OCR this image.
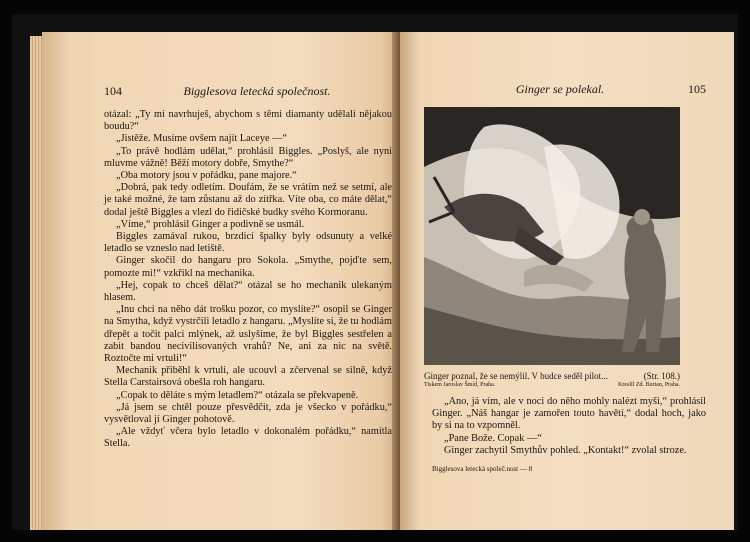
104	Bigglesova letecká společnost.

otázal: „Ty mi navrhuješ, abychom s těmi diamanty udělali nějakou boudu?“

„Jistěže. Musíme ovšem najít Laceye —“

„To právě hodlám udělat,“ prohlásil Biggles. „Poslyš, ale nyní mluvme vážně! Běží motory dobře, Smythe?“

„Oba motory jsou v pořádku, pane majore.“

„Dobrá, pak tedy odletím. Doufám, že se vrátím než se setmí, ale je také možné, že tam zůstanu až do zítřka. Víte oba, co máte dělat,“ dodal ještě Biggles a vlezl do řidičské budky svého Kormoranu.

„Víme,“ prohlásil Ginger a podivně se usmál.

Biggles zamával rukou, brzdicí špalky byly odsunuty a velké letadlo se vzneslo nad letiště.

Ginger skočil do hangaru pro Sokola. „Smythe, pojďte sem, pomozte mi!“ vzkřikl na mechanika.

„Hej, copak to chceš dělat?“ otázal se ho mechanik ulekaným hlasem.

„Inu chci na něho dát trošku pozor, co myslíte?“ osopil se Ginger na Smytha, když vystrčili letadlo z hangaru. „Myslíte si, že tu hodlám dřepět a točit palci mlýnek, až uslyšíme, že byl Biggles sestřelen a zabit bandou necivilisovaných vrahů? Ne, ani za nic na světě. Roztočte mi vrtuli!“

Mechanik přiběhl k vrtuli, ale ucouvl a zčervenal se silně, když Stella Carstairsová obešla roh hangaru.

„Copak to děláte s mým letadlem?“ otázala se překvapeně.

„Já jsem se chtěl pouze přesvědčit, zda je všecko v pořádku,“ vysvětloval jí Ginger pohotově.

„Ale vždyť včera bylo letadlo v dokonalém pořádku,“ namítla Stella.

Ginger se polekal.	105
Ginger poznal, že se nemýlil. V budce seděl pilot...	(Str. 108.)
Tiskem Jaroslav Šmíd, Praha.	Kreslil Zd. Burian, Praha.

„Ano, já vím, ale v noci do něho mohly nalézt myši,“ prohlásil Ginger. „Náš hangar je zamořen touto havětí,“ dodal hoch, jako by si na to vzpomněl.

„Pane Bože. Copak —“

Ginger zachytil Smythův pohled. „Kontakt!“ zvolal stroze.

Bigglesova letecká společ.nost — 8
